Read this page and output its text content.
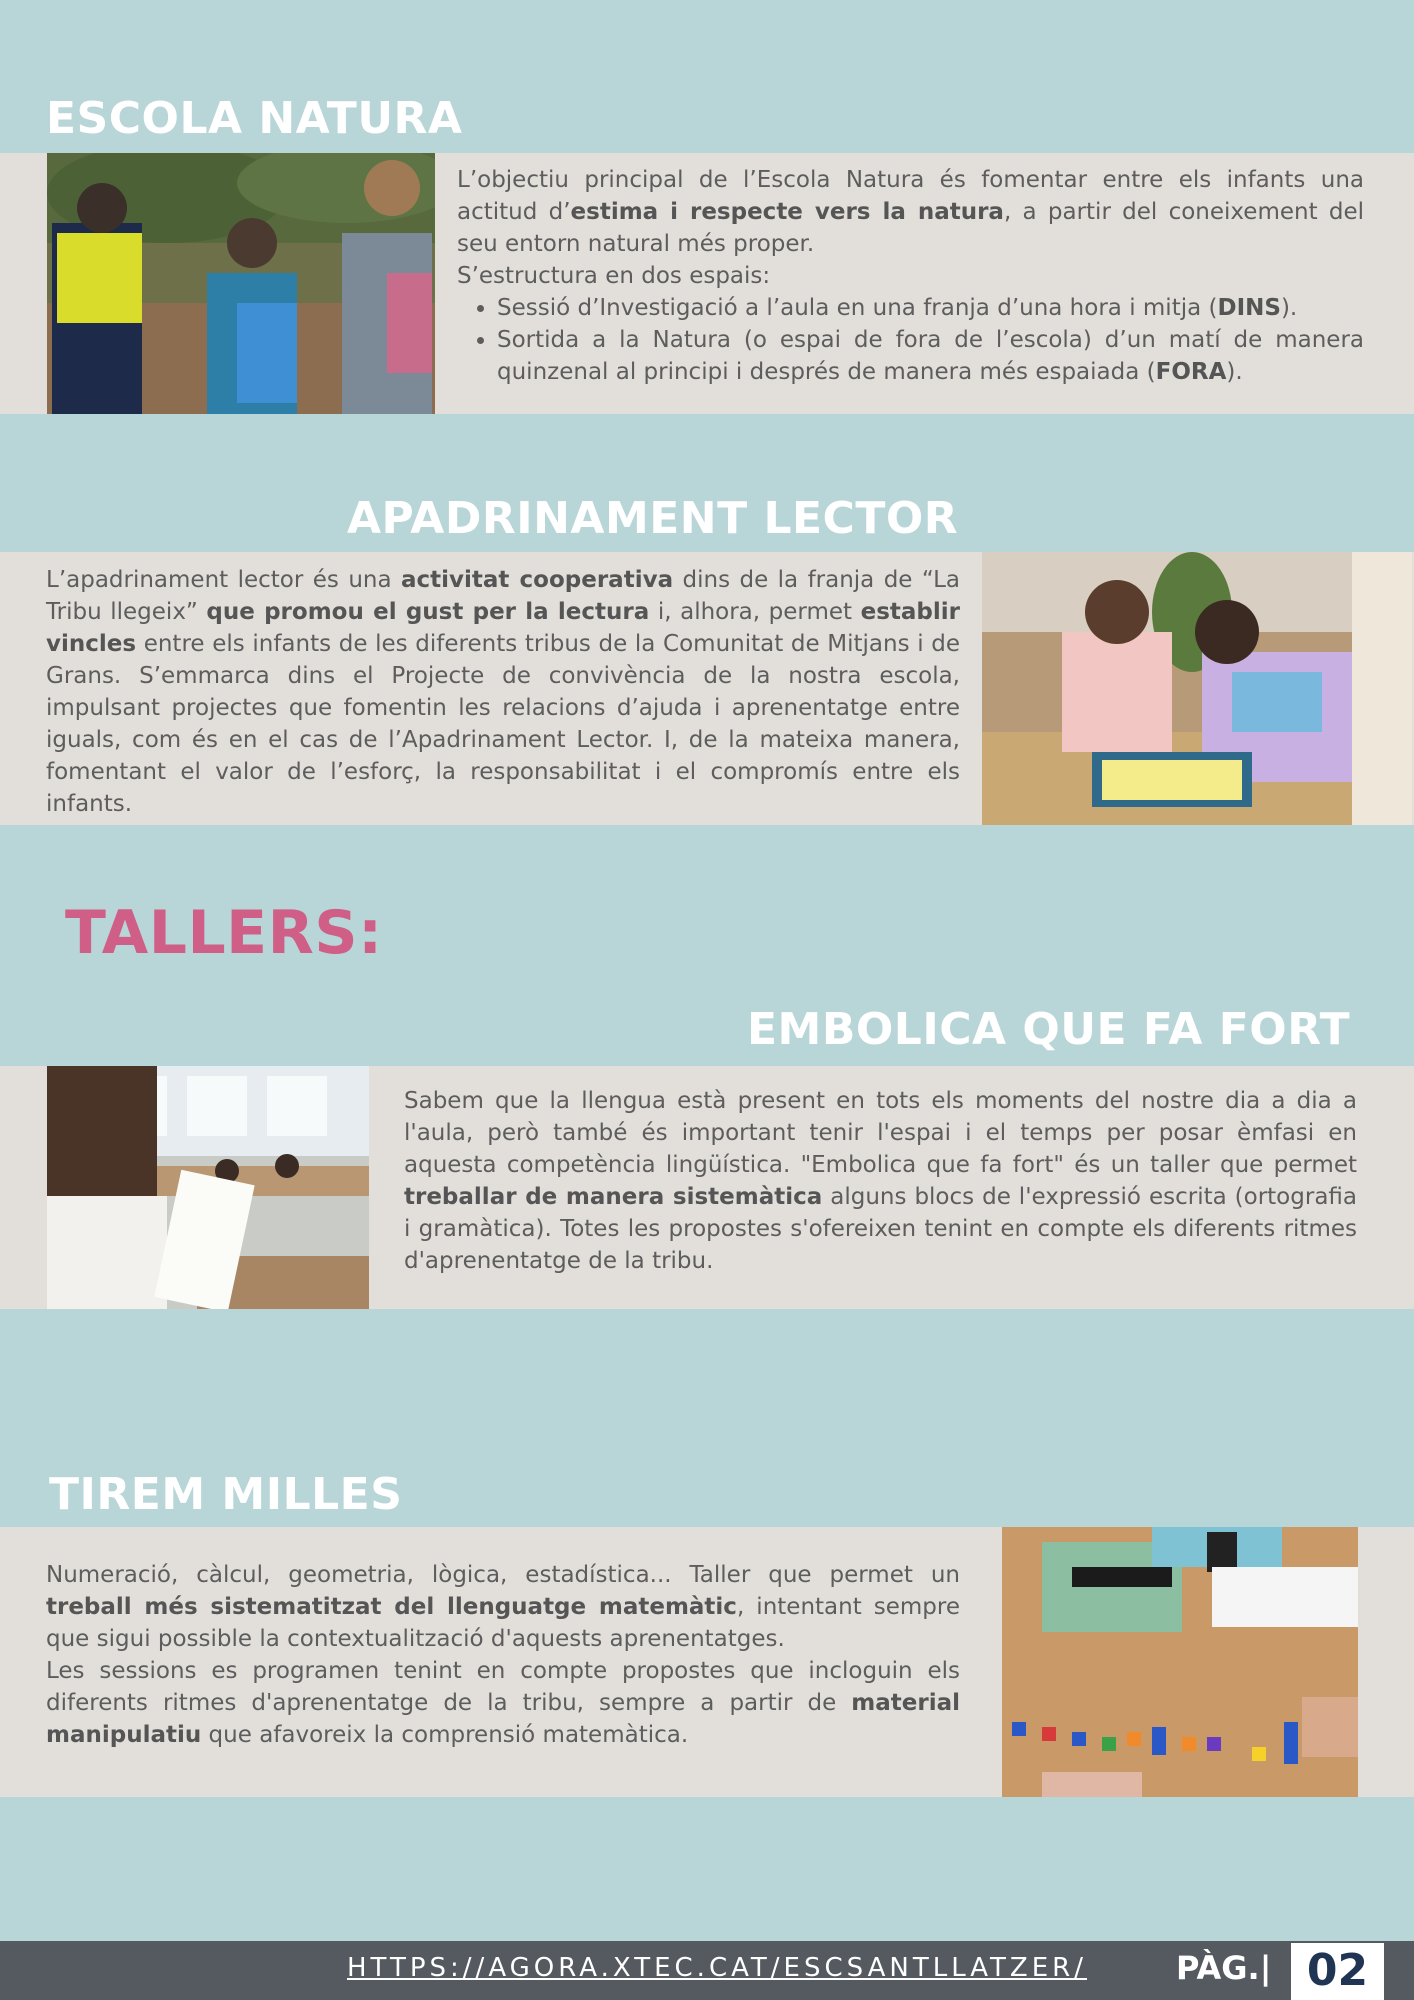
ESCOLA NATURA

L’objectiu principal de l’Escola Natura és fomentar entre els infants una actitud d’estima i respecte vers la natura, a partir del coneixement del seu entorn natural més proper.

S’estructura en dos espais:

• Sessió d’Investigació a l’aula en una franja d’una hora i mitja (DINS).
• Sortida a la Natura (o espai de fora de l’escola) d’un matí de manera quinzenal al principi i després de manera més espaiada (FORA).
APADRINAMENT LECTOR

L’apadrinament lector és una activitat cooperativa dins de la franja de “La Tribu llegeix” que promou el gust per la lectura i, alhora, permet establir vincles entre els infants de les diferents tribus de la Comunitat de Mitjans i de Grans. S’emmarca dins el Projecte de convivència de la nostra escola, impulsant projectes que fomentin les relacions d’ajuda i aprenentatge entre iguals, com és en el cas de l’Apadrinament Lector. I, de la mateixa manera, fomentant el valor de l’esforç, la responsabilitat i el compromís entre els infants.

TALLERS:
EMBOLICA QUE FA FORT

Sabem que la llengua està present en tots els moments del nostre dia a dia a l'aula, però també és important tenir l'espai i el temps per posar èmfasi en aquesta competència lingüística. "Embolica que fa fort" és un taller que permet treballar de manera sistemàtica alguns blocs de l'expressió escrita (ortografia i gramàtica). Totes les propostes s'ofereixen tenint en compte els diferents ritmes d'aprenentatge de la tribu.

TIREM MILLES

Numeració, càlcul, geometria, lògica, estadística... Taller que permet un treball més sistematitzat del llenguatge matemàtic, intentant sempre que sigui possible la contextualització d'aquests aprenentatges.

Les sessions es programen tenint en compte propostes que incloguin els diferents ritmes d'aprenentatge de la tribu, sempre a partir de material manipulatiu que afavoreix la comprensió matemàtica.

HTTPS://AGORA.XTEC.CAT/ESCSANTLLATZER/	PÀG.| 02
